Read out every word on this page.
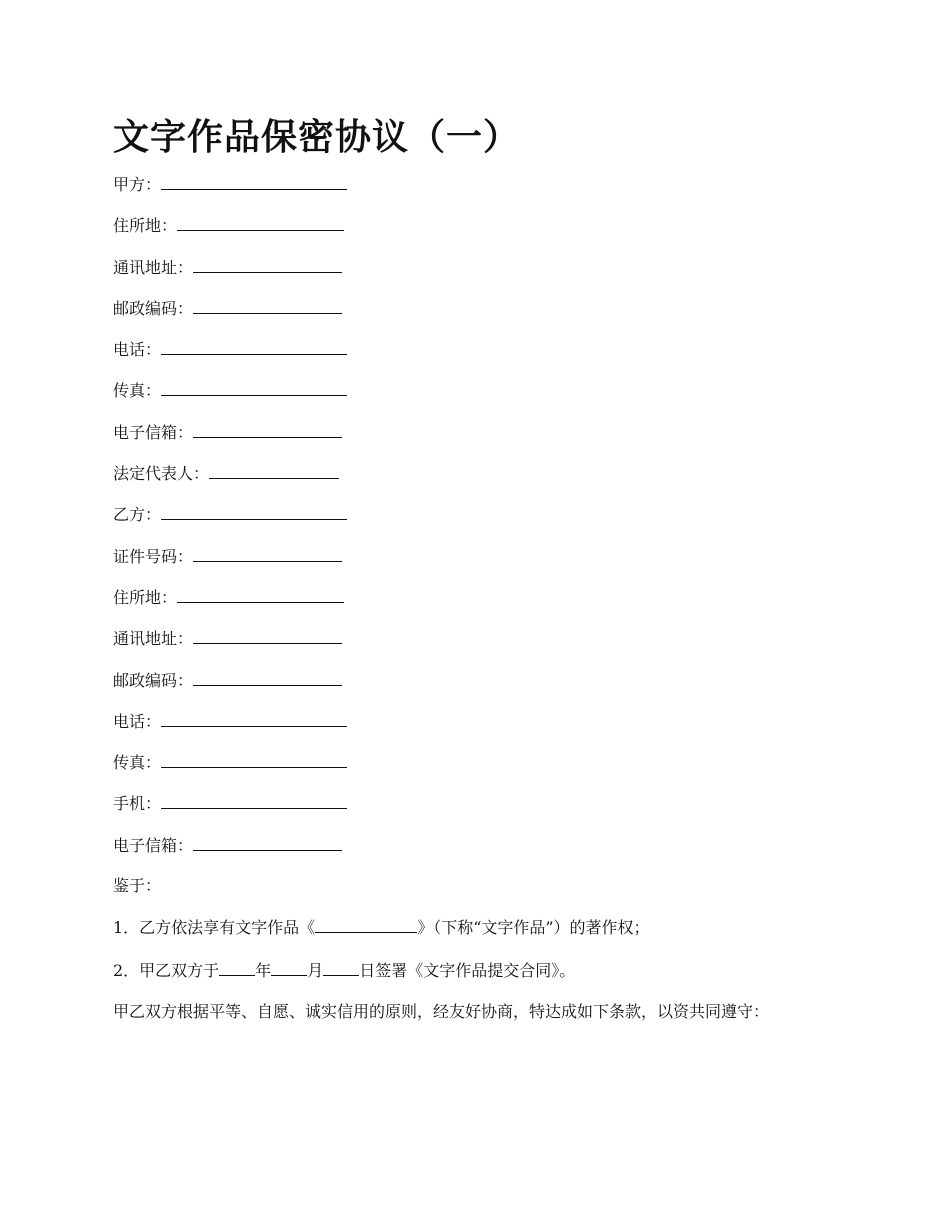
文字作品保密协议（一）
甲方：
住所地：
通讯地址：
邮政编码：
电话：
传真：
电子信箱：
法定代表人：
乙方：
证件号码：
住所地：
通讯地址：
邮政编码：
电话：
传真：
手机：
电子信箱：

鉴于：

1．乙方依法享有文字作品《	》（下称“文字作品”）的著作权；

2．甲乙双方于 年 月 日签署《文字作品提交合同》。

甲乙双方根据平等、自愿、诚实信用的原则，经友好协商，特达成如下条款，以资共同遵守：
